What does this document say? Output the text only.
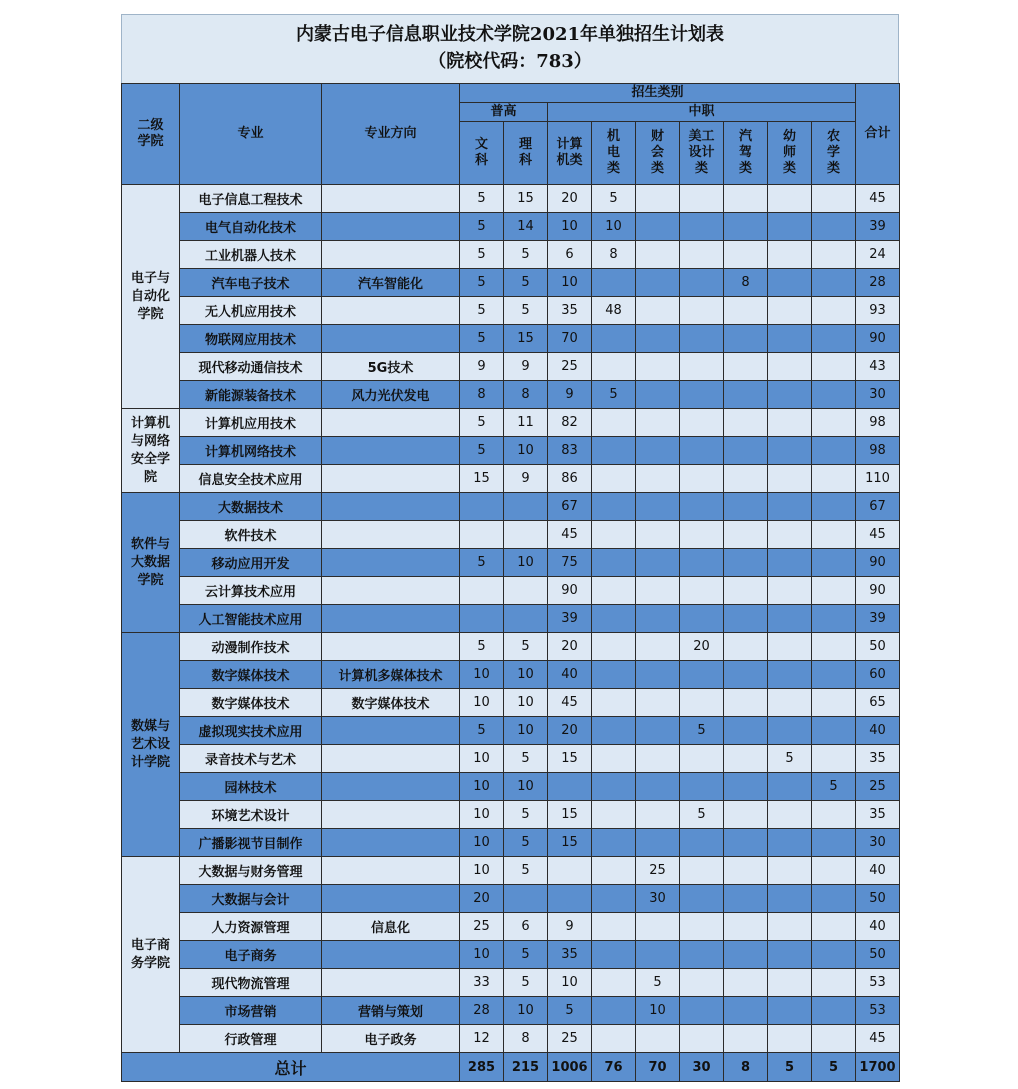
内蒙古电子信息职业技术学院2021年单独招生计划表
（院校代码：783）
二级学院	专业	专业方向	招生类别									合计
			普高		中职							
			文科	理科	计算机类	机电类	财会类	美工设计类	汽驾类	幼师类	农学类	
电子与自动化学院	电子信息工程技术		5	15	20	5						45
	电气自动化技术		5	14	10	10						39
	工业机器人技术		5	5	6	8						24
	汽车电子技术	汽车智能化	5	5	10				8			28
	无人机应用技术		5	5	35	48						93
	物联网应用技术		5	15	70							90
	现代移动通信技术	5G技术	9	9	25							43
	新能源装备技术	风力光伏发电	8	8	9	5						30
计算机与网络安全学院	计算机应用技术		5	11	82							98
	计算机网络技术		5	10	83							98
	信息安全技术应用		15	9	86							110
软件与大数据学院	大数据技术				67							67
	软件技术				45							45
	移动应用开发		5	10	75							90
	云计算技术应用				90							90
	人工智能技术应用				39							39
数媒与艺术设计学院	动漫制作技术		5	5	20			20				50
	数字媒体技术	计算机多媒体技术	10	10	40							60
	数字媒体技术	数字媒体技术	10	10	45							65
	虚拟现实技术应用		5	10	20			5				40
	录音技术与艺术		10	5	15					5		35
	园林技术		10	10							5	25
	环境艺术设计		10	5	15			5				35
	广播影视节目制作		10	5	15							30
电子商务学院	大数据与财务管理		10	5			25					40
	大数据与会计		20				30					50
	人力资源管理	信息化	25	6	9							40
	电子商务		10	5	35							50
	现代物流管理		33	5	10		5					53
	市场营销	营销与策划	28	10	5		10					53
	行政管理	电子政务	12	8	25							45
总计			285	215	1006	76	70	30	8	5	5	1700
